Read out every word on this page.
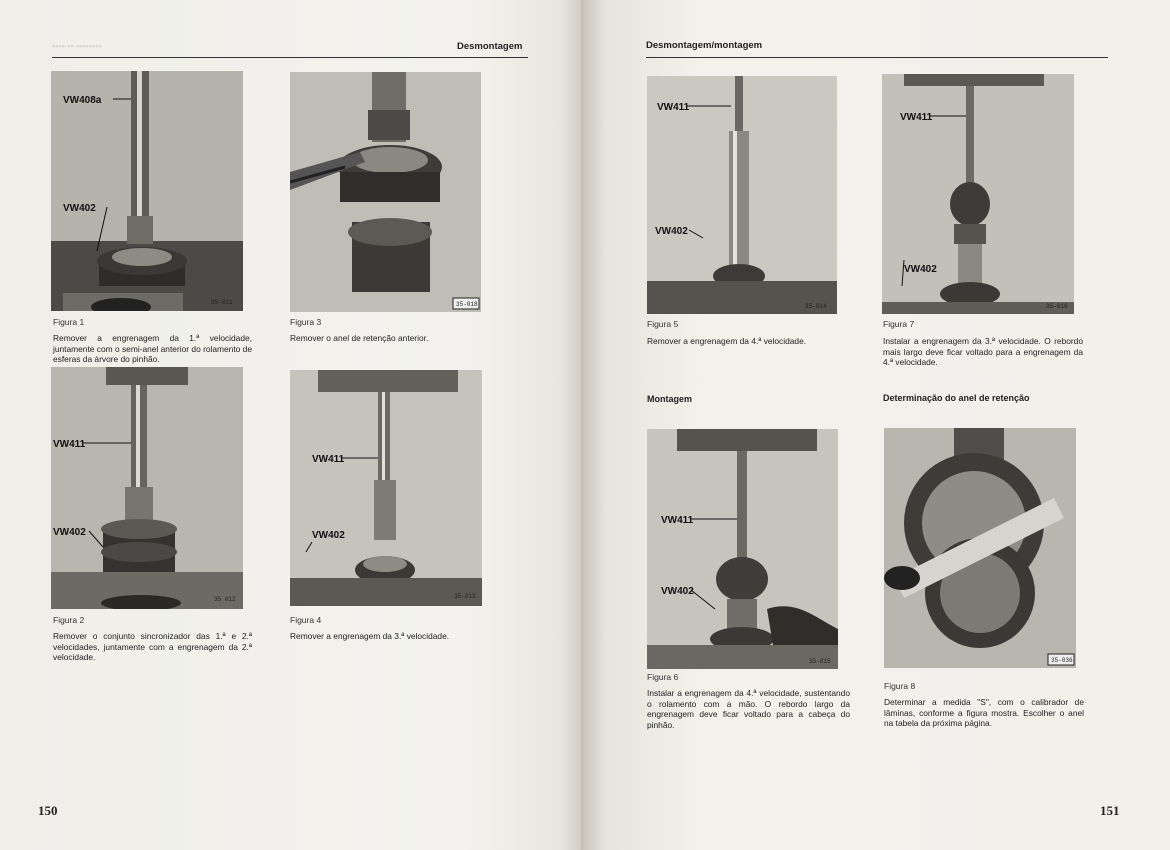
▪▪▪▪ ▪▪ ▪▪▪▪▪▪▪▪	Desmontagem
VW408a
VW402
35-011
Figura 1
Remover a engrenagem da 1.ª velocidade, juntamente com o semi-anel anterior do rolamento de esferas da árvore do pinhão.
35-018
Figura 3
Remover o anel de retenção anterior.
VW411
VW402
35 012
Figura 2
Remover o conjunto sincronizador das 1.ª e 2.ª velocidades, juntamente com a engrenagem da 2.ª velocidade.
VW411
VW402
35-013
Figura 4
Remover a engrenagem da 3.ª velocidade.
150
Desmontagem/montagem
VW411
VW402
35-014
Figura 5
Remover a engrenagem da 4.ª velocidade.
VW411
VW402
35-016
Figura 7
Instalar a engrenagem da 3.ª velocidade. O rebordo mais largo deve ficar voltado para a engrenagem da 4.ª velocidade.
Montagem	Determinação do anel de retenção
VW411
VW402
35-015
Figura 6
Instalar a engrenagem da 4.ª velocidade, sustentando o rolamento com a mão. O rebordo largo da engrenagem deve ficar voltado para a cabeça do pinhão.
35-036
Figura 8
Determinar a medida "S", com o calibrador de lâminas, conforme a figura mostra. Escolher o anel na tabela da próxima página.
151
